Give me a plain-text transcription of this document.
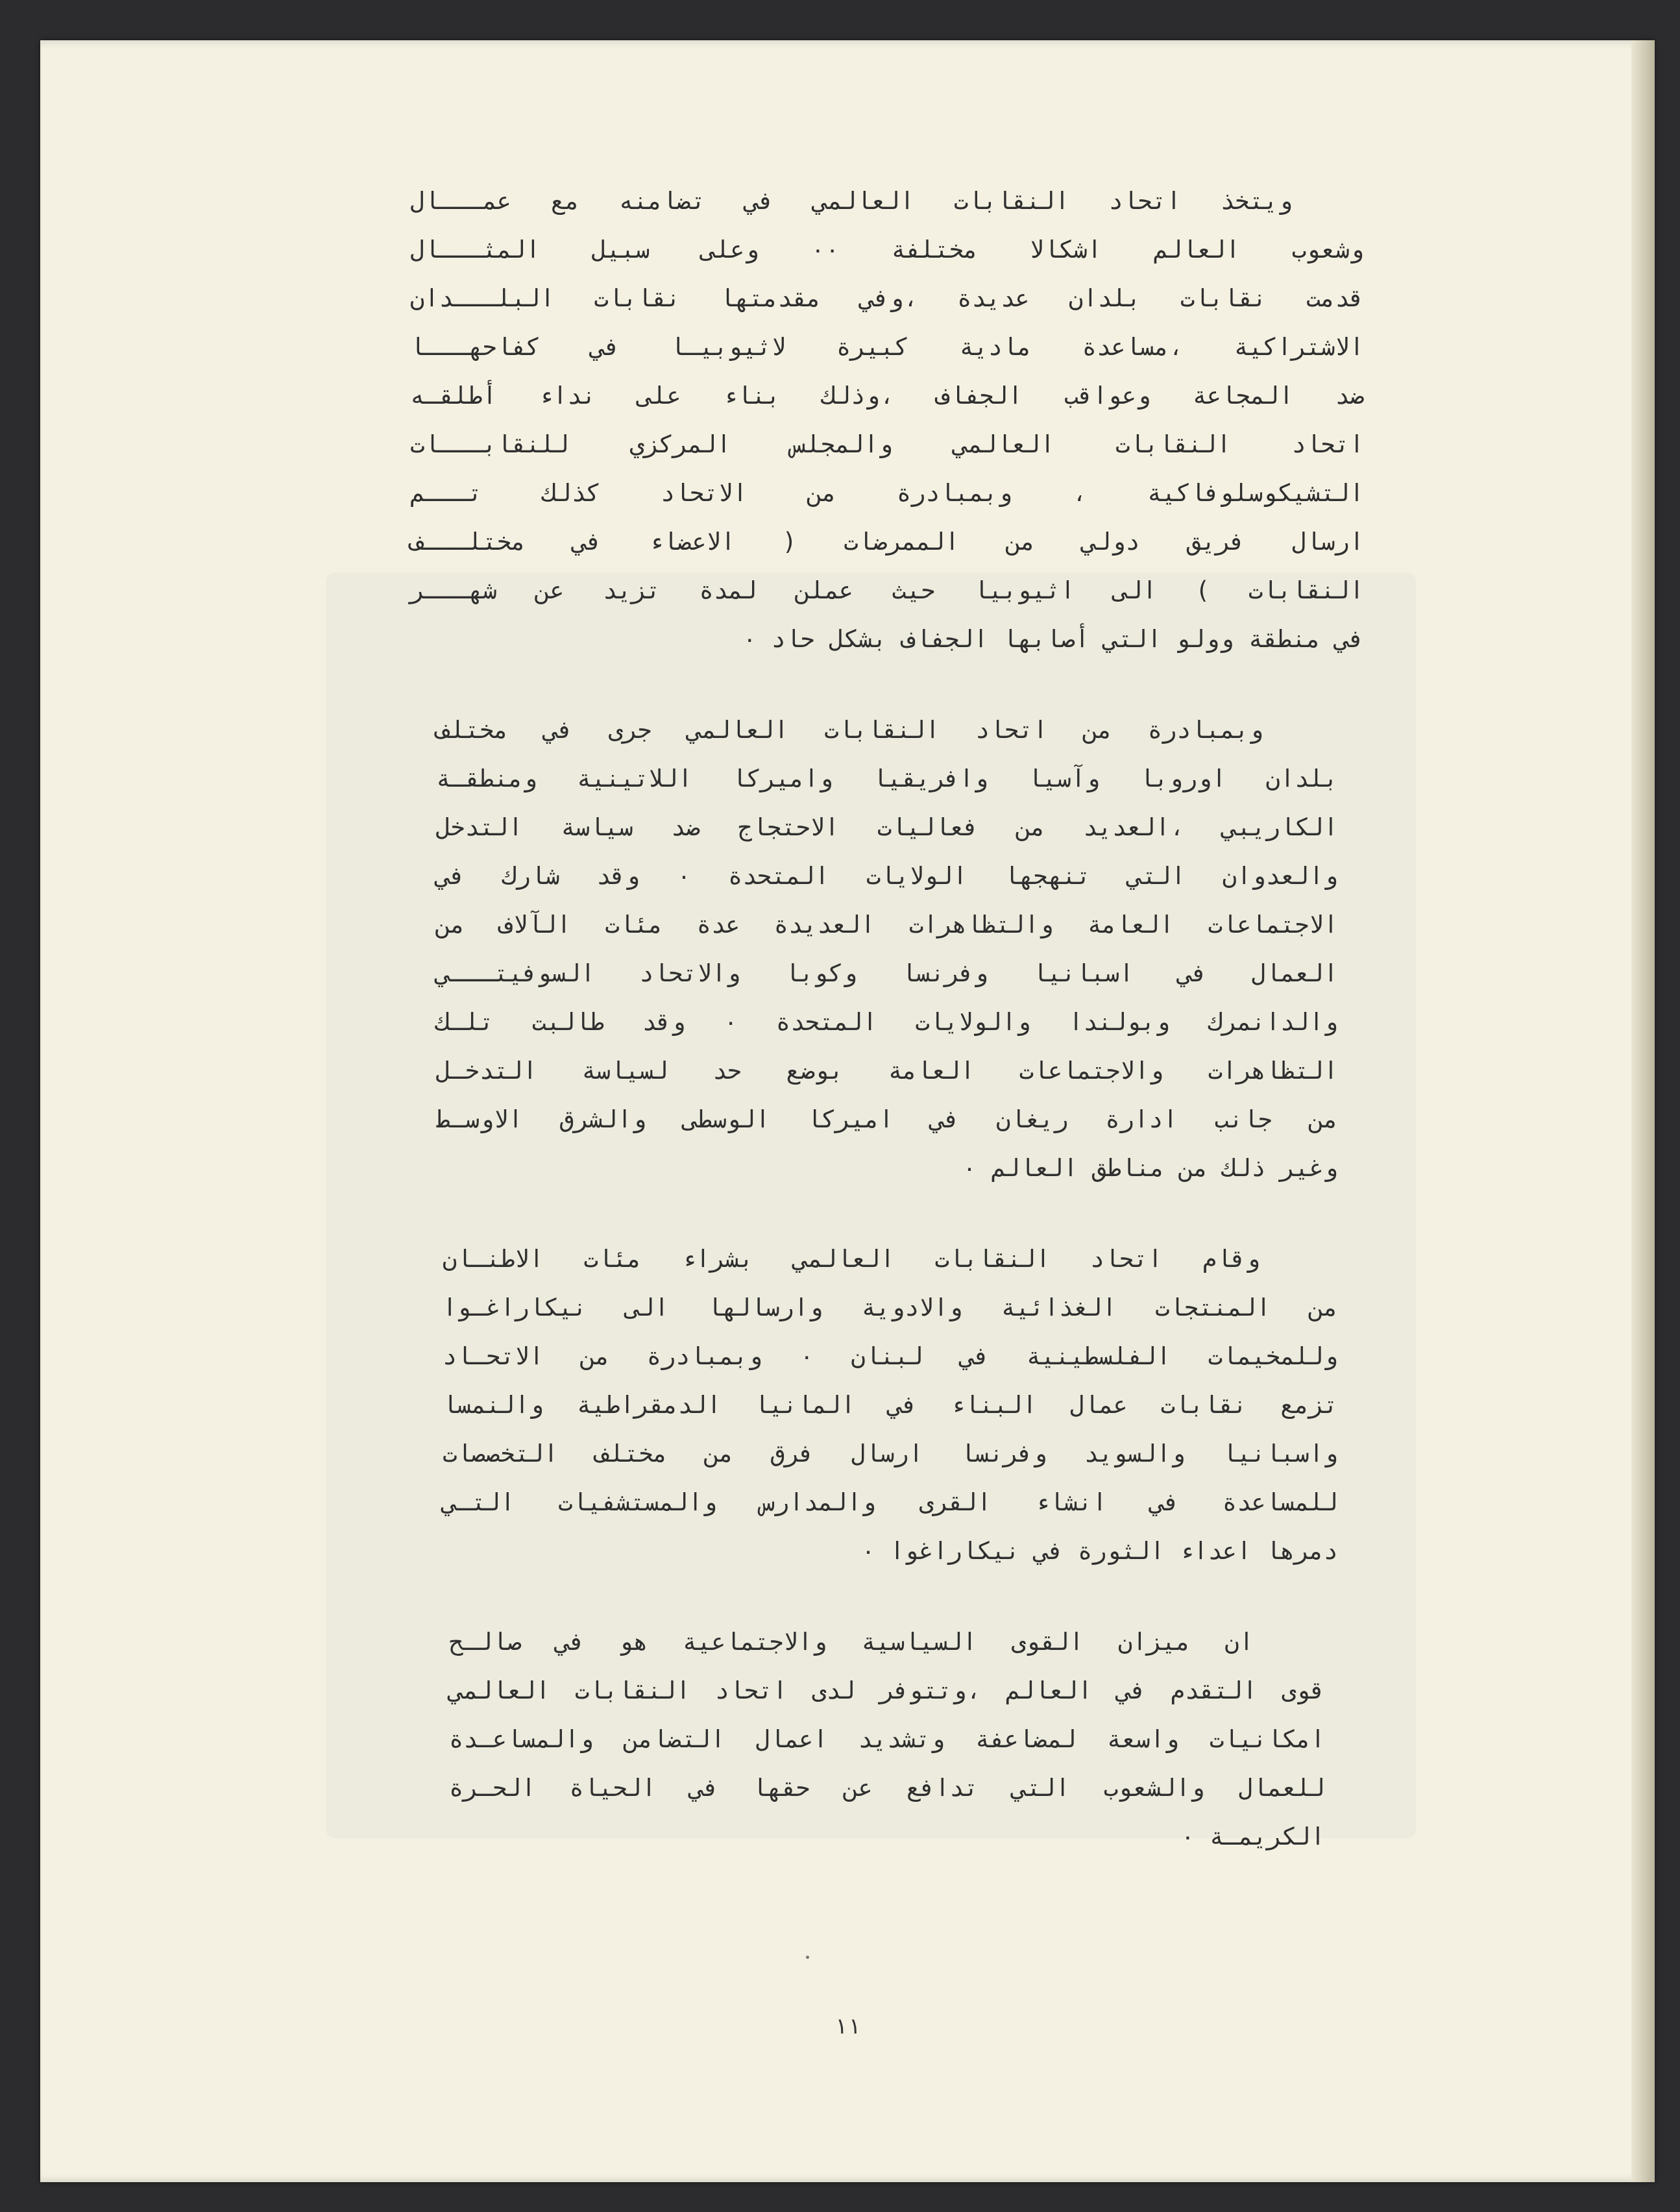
ويتخذ اتحاد النقابات العالمي في تضامنه مع عمـــال
وشعوب العالم اشكالا مختلفة ٠٠ وعلى سبيل المثـــال
قدمت نقابات بلدان عديدة ،وفي مقدمتها نقابات البلـــدان
الاشتراكية ،مساعدة مادية كبيرة لاثيوبيـا في كفاحهـــا
ضد المجاعة وعواقب الجفاف ،وذلك بناء على نداء أطلقـه
اتحاد النقابات العالمي والمجلس المركزي للنقابـــات
التشيكوسلوفاكية ، وبمبادرة من الاتحاد كذلك تـــم
ارسال فريق دولي من الممرضات ( الاعضاء في مختلـــف
النقابات ) الى اثيوبيا حيث عملن لمدة تزيد عن شهـــر
في منطقة وولو التي أصابها الجفاف بشكل حاد ٠
وبمبادرة من اتحاد النقابات العالمي جرى في مختلف
بلدان اوروبا وآسيا وافريقيا واميركا اللاتينية ومنطقـة
الكاريبي ،العديد من فعاليات الاحتجاج ضد سياسة التدخل
والعدوان التي تنهجها الولايات المتحدة ٠ وقد شارك في
الاجتماعات العامة والتظاهرات العديدة عدة مئات الآلاف من
العمال في اسبانيا وفرنسا وكوبا والاتحاد السوفيتـــي
والدانمرك وبولندا والولايات المتحدة ٠ وقد طالبت تلـك
التظاهرات والاجتماعات العامة بوضع حد لسياسة التدخـل
من جانب ادارة ريغان في اميركا الوسطى والشرق الاوسـط
وغير ذلك من مناطق العالم ٠
وقام اتحاد النقابات العالمي بشراء مئات الاطنـان
من المنتجات الغذائية والادوية وارسالها الى نيكاراغـوا
وللمخيمات الفلسطينية في لبنان ٠ وبمبادرة من الاتحـاد
تزمع نقابات عمال البناء في المانيا الدمقراطية والنمسا
واسبانيا والسويد وفرنسا ارسال فرق من مختلف التخصصات
للمساعدة في انشاء القرى والمدارس والمستشفيات التـي
دمرها اعداء الثورة في نيكاراغوا ٠
ان ميزان القوى السياسية والاجتماعية هو في صالـح
قوى التقدم في العالم ،وتتوفر لدى اتحاد النقابات العالمي
امكانيات واسعة لمضاعفة وتشديد اعمال التضامن والمساعـدة
للعمال والشعوب التي تدافع عن حقها في الحياة الحـرة
الكريمـة ٠
١١
